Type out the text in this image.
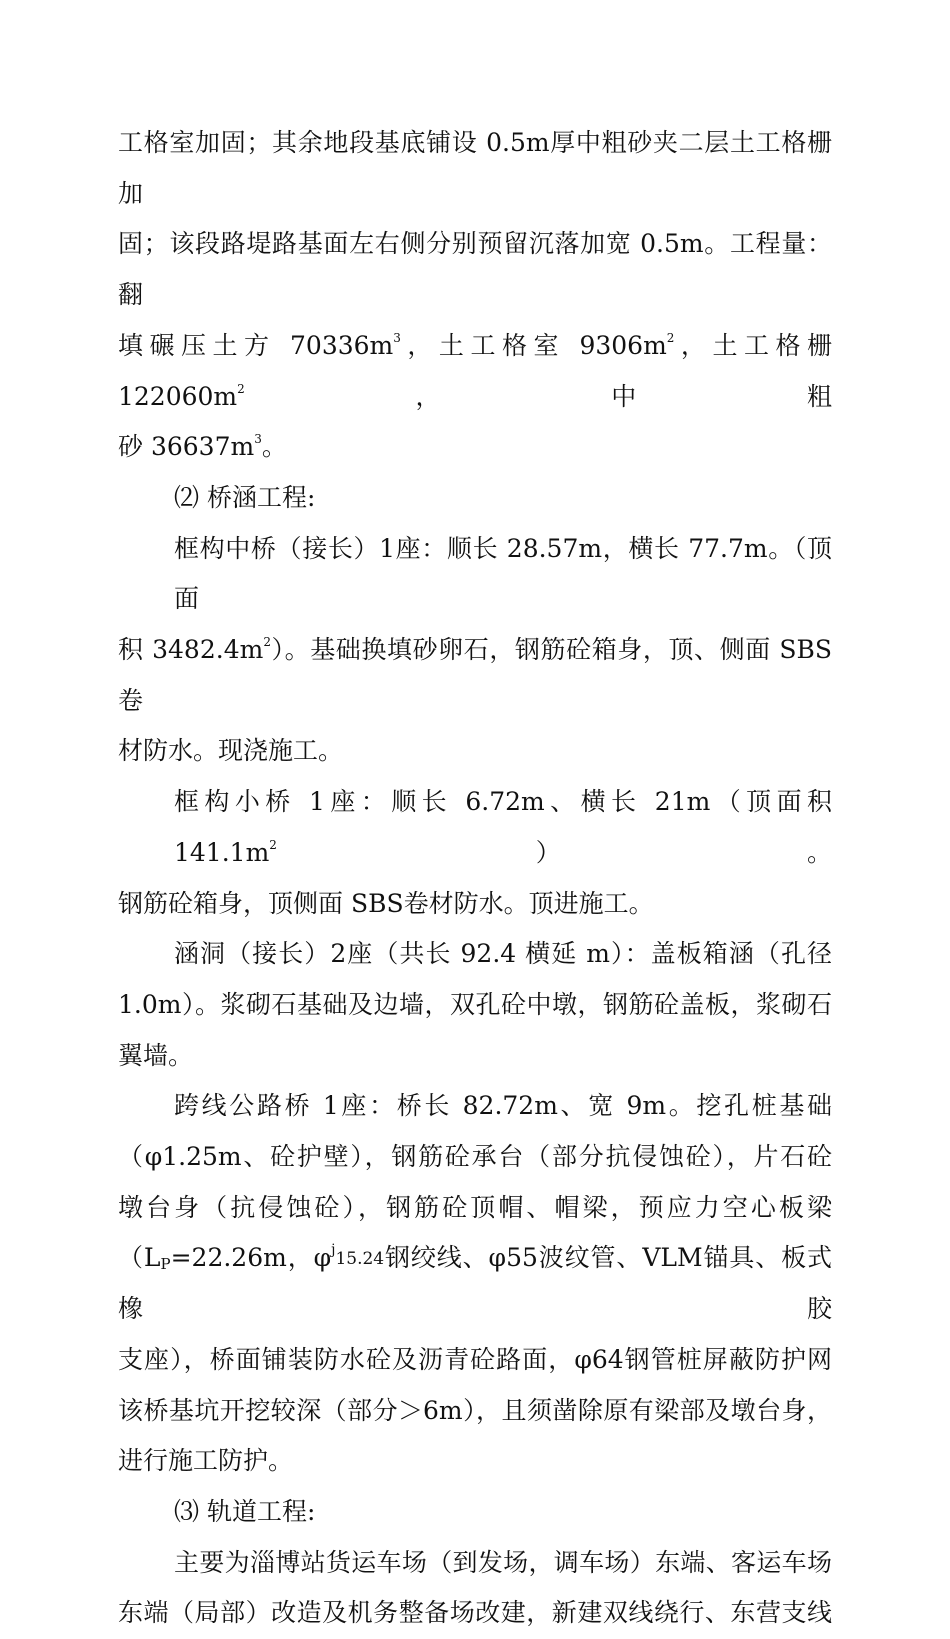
工格室加固；其余地段基底铺设 0.5m厚中粗砂夹二层土工格栅加

固；该段路堤路基面左右侧分别预留沉落加宽 0.5m。工程量：翻

填碾压土方 $70336m^3$，土工格室 $9306m^2$，土工格栅 $122060m^2$，中粗

砂 $36637m^3$。

⑵ 桥涵工程:

框构中桥（接长）1座：顺长 28.57m，横长 77.7m。（顶面

积 $3482.4m^2$）。基础换填砂卵石，钢筋砼箱身，顶、侧面 SBS 卷

材防水。现浇施工。

框构小桥 1座：顺长 6.72m、横长 21m（顶面积 $141.1m^2$）。

钢筋砼箱身，顶侧面 SBS卷材防水。顶进施工。

涵洞（接长）2座（共长 92.4 横延 m）：盖板箱涵（孔径

1.0m）。浆砌石基础及边墙，双孔砼中墩，钢筋砼盖板，浆砌石

翼墙。

跨线公路桥 1座：桥长 82.72m、宽 9m。挖孔桩基础

（φ1.25m、砼护壁），钢筋砼承台（部分抗侵蚀砼），片石砼

墩台身（抗侵蚀砼），钢筋砼顶帽、帽梁，预应力空心板梁

（$L_P=22.26m$，$\varphi^j15.24$钢绞线、φ55波纹管、VLM锚具、板式橡胶

支座），桥面铺装防水砼及沥青砼路面，φ64钢管桩屏蔽防护网

该桥基坑开挖较深（部分＞6m），且须凿除原有梁部及墩台身，

进行施工防护。

⑶ 轨道工程:

主要为淄博站货运车场（到发场，调车场）东端、客运车场

东端（局部）改造及机务整备场改建，新建双线绕行、东营支线
